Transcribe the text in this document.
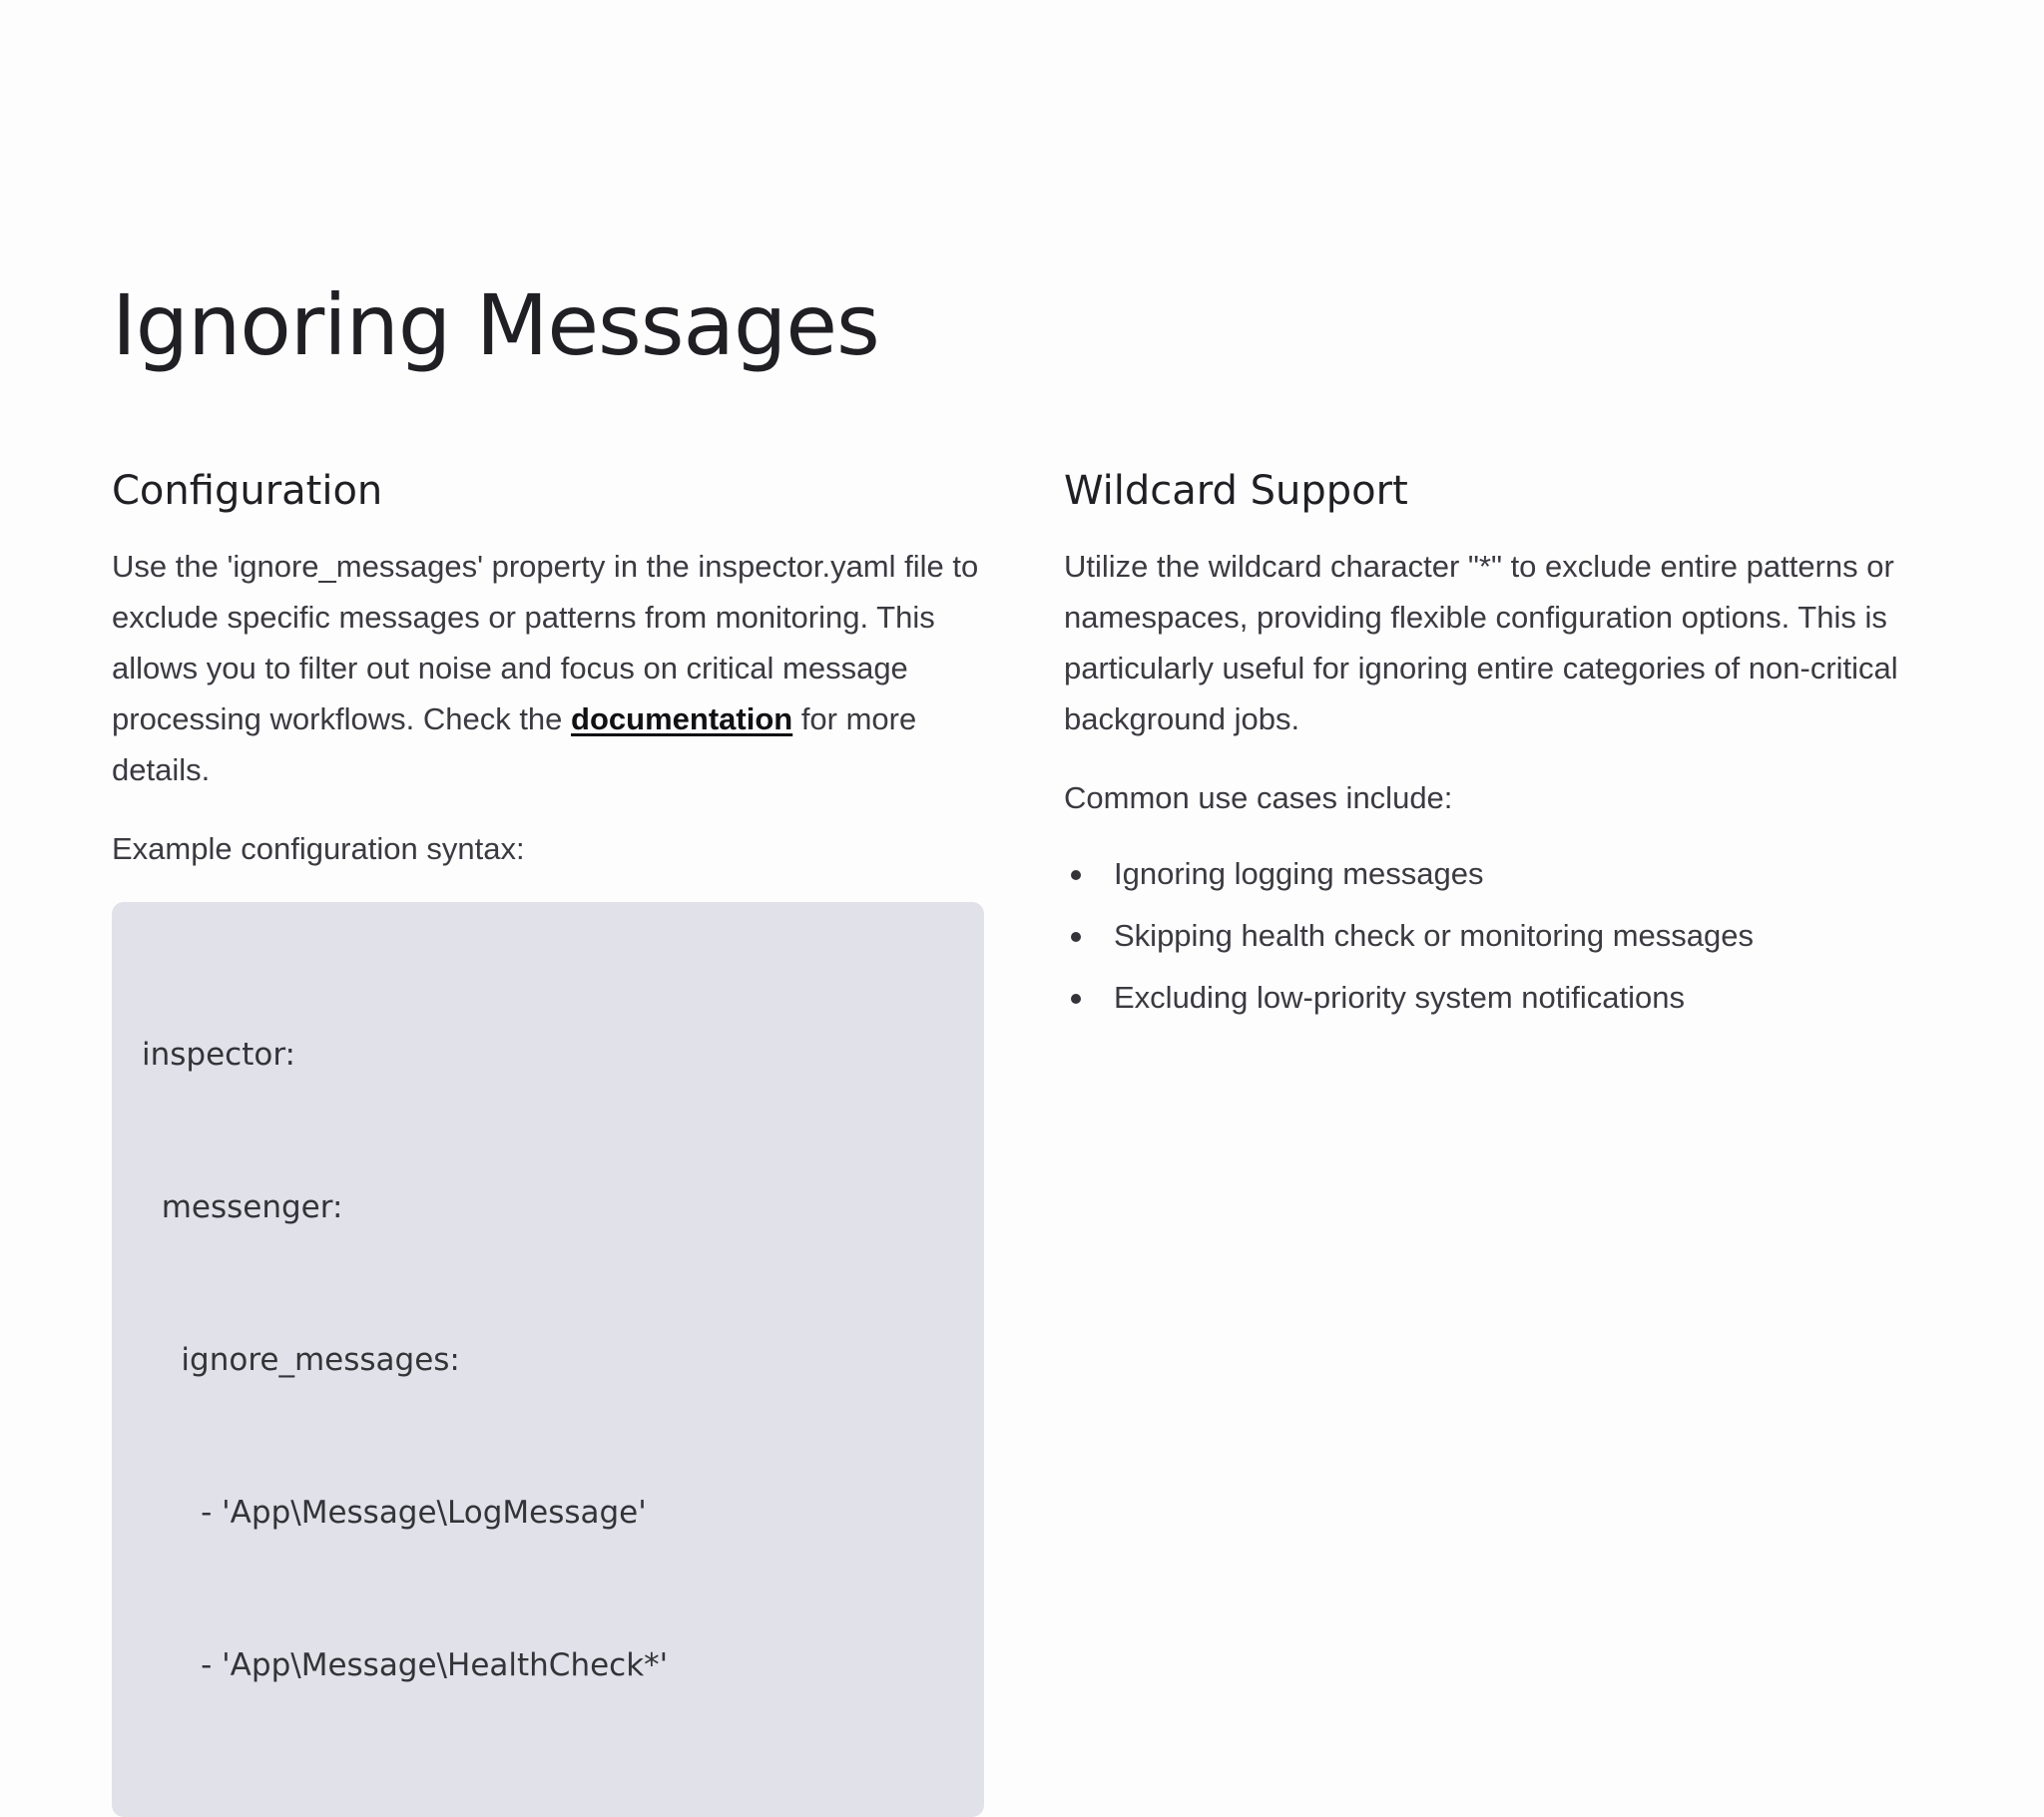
Ignoring Messages
Configuration

Use the 'ignore_messages' property in the inspector.yaml file to exclude specific messages or patterns from monitoring. This allows you to filter out noise and focus on critical message processing workflows. Check the documentation for more details.

Example configuration syntax:

inspector:

messenger:

ignore_messages:

- 'App\Message\LogMessage'

- 'App\Message\HealthCheck*'

Wildcard Support

Utilize the wildcard character "*" to exclude entire patterns or namespaces, providing flexible configuration options. This is particularly useful for ignoring entire categories of non-critical background jobs.

Common use cases include:

Ignoring logging messages
Skipping health check or monitoring messages
Excluding low-priority system notifications
